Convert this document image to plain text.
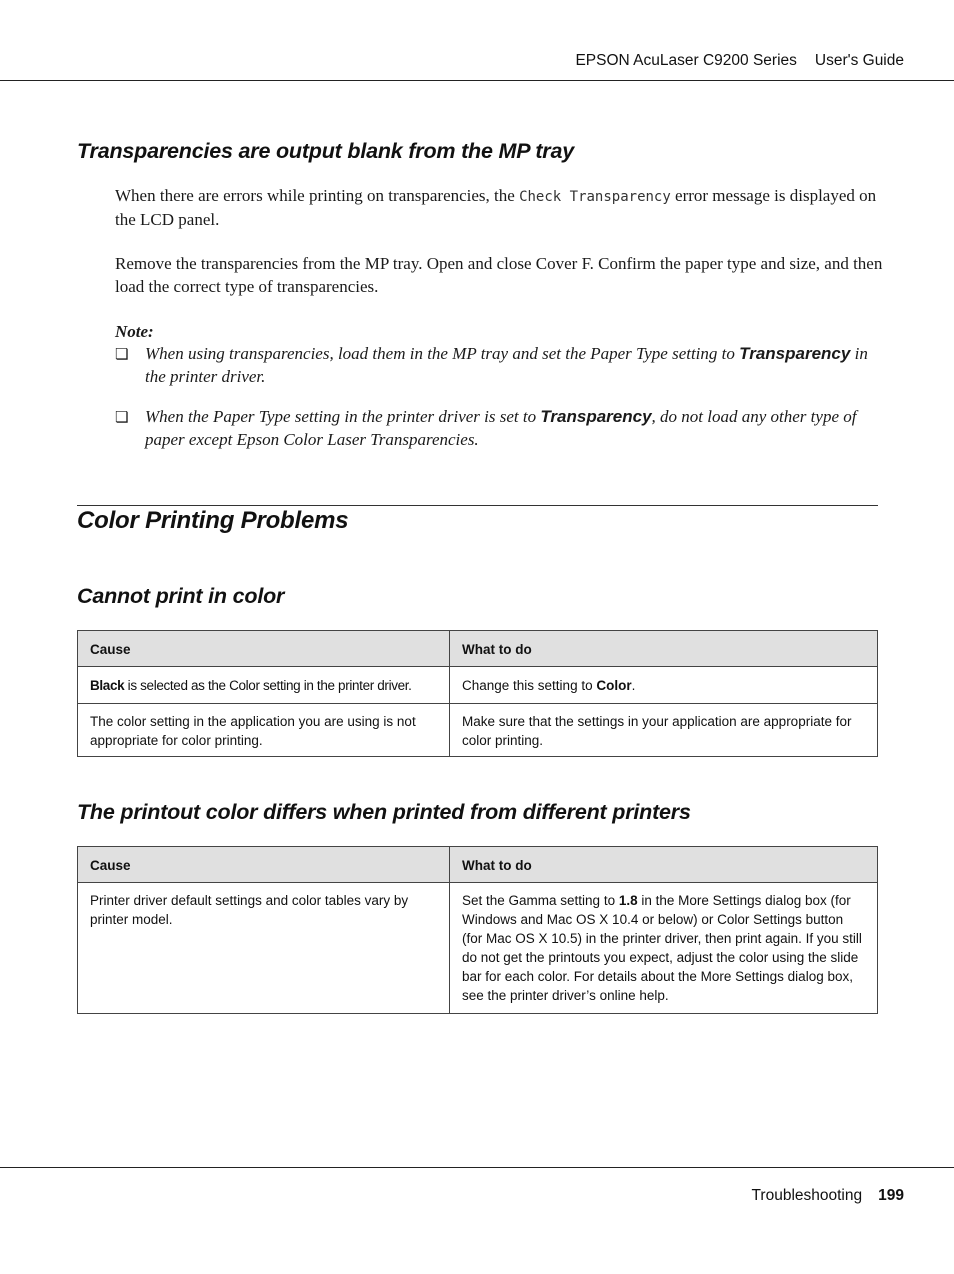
EPSON AcuLaser C9200 Series User's Guide
Transparencies are output blank from the MP tray

When there are errors while printing on transparencies, the Check Transparency error message is displayed on the LCD panel.

Remove the transparencies from the MP tray. Open and close Cover F. Confirm the paper type and size, and then load the correct type of transparencies.

Note:

❏ When using transparencies, load them in the MP tray and set the Paper Type setting to Transparency in the printer driver.
❏ When the Paper Type setting in the printer driver is set to Transparency, do not load any other type of paper except Epson Color Laser Transparencies.
Color Printing Problems
Cannot print in color
Cause	What to do
Black is selected as the Color setting in the printer driver.	Change this setting to Color.
The color setting in the application you are using is not appropriate for color printing.	Make sure that the settings in your application are appropriate for color printing.
The printout color differs when printed from different printers
Cause	What to do
Printer driver default settings and color tables vary by printer model.	Set the Gamma setting to 1.8 in the More Settings dialog box (for Windows and Mac OS X 10.4 or below) or Color Settings button (for Mac OS X 10.5) in the printer driver, then print again. If you still do not get the printouts you expect, adjust the color using the slide bar for each color. For details about the More Settings dialog box, see the printer driver’s online help.
Troubleshooting 199
